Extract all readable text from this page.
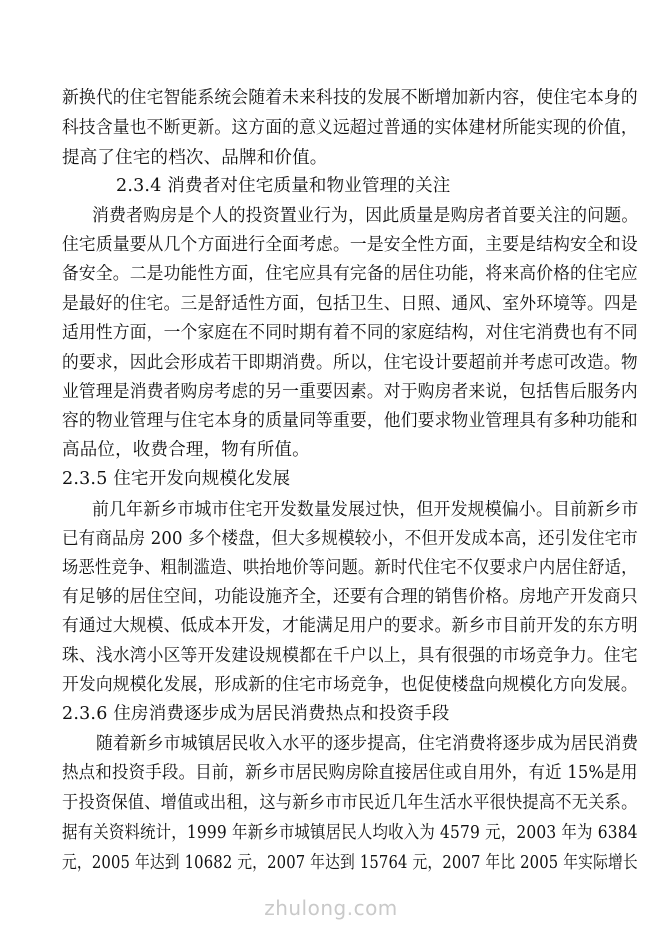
新换代的住宅智能系统会随着未来科技的发展不断增加新内容，使住宅本身的
科技含量也不断更新。这方面的意义远超过普通的实体建材所能实现的价值，
提高了住宅的档次、品牌和价值。
2.3.4 消费者对住宅质量和物业管理的关注
消费者购房是个人的投资置业行为，因此质量是购房者首要关注的问题。
住宅质量要从几个方面进行全面考虑。一是安全性方面，主要是结构安全和设
备安全。二是功能性方面，住宅应具有完备的居住功能，将来高价格的住宅应
是最好的住宅。三是舒适性方面，包括卫生、日照、通风、室外环境等。四是
适用性方面，一个家庭在不同时期有着不同的家庭结构，对住宅消费也有不同
的要求，因此会形成若干即期消费。所以，住宅设计要超前并考虑可改造。物
业管理是消费者购房考虑的另一重要因素。对于购房者来说，包括售后服务内
容的物业管理与住宅本身的质量同等重要，他们要求物业管理具有多种功能和
高品位，收费合理，物有所值。
2.3.5 住宅开发向规模化发展
前几年新乡市城市住宅开发数量发展过快，但开发规模偏小。目前新乡市
已有商品房 200 多个楼盘，但大多规模较小，不但开发成本高，还引发住宅市
场恶性竞争、粗制滥造、哄抬地价等问题。新时代住宅不仅要求户内居住舒适，
有足够的居住空间，功能设施齐全，还要有合理的销售价格。房地产开发商只
有通过大规模、低成本开发，才能满足用户的要求。新乡市目前开发的东方明
珠、浅水湾小区等开发建设规模都在千户以上，具有很强的市场竞争力。住宅
开发向规模化发展，形成新的住宅市场竞争，也促使楼盘向规模化方向发展。
2.3.6 住房消费逐步成为居民消费热点和投资手段
随着新乡市城镇居民收入水平的逐步提高，住宅消费将逐步成为居民消费
热点和投资手段。目前，新乡市居民购房除直接居住或自用外，有近 15%是用
于投资保值、增值或出租，这与新乡市市民近几年生活水平很快提高不无关系。
据有关资料统计，1999 年新乡市城镇居民人均收入为 4579 元，2003 年为 6384
元，2005 年达到 10682 元，2007 年达到 15764 元，2007 年比 2005 年实际增长
zhulong.com
